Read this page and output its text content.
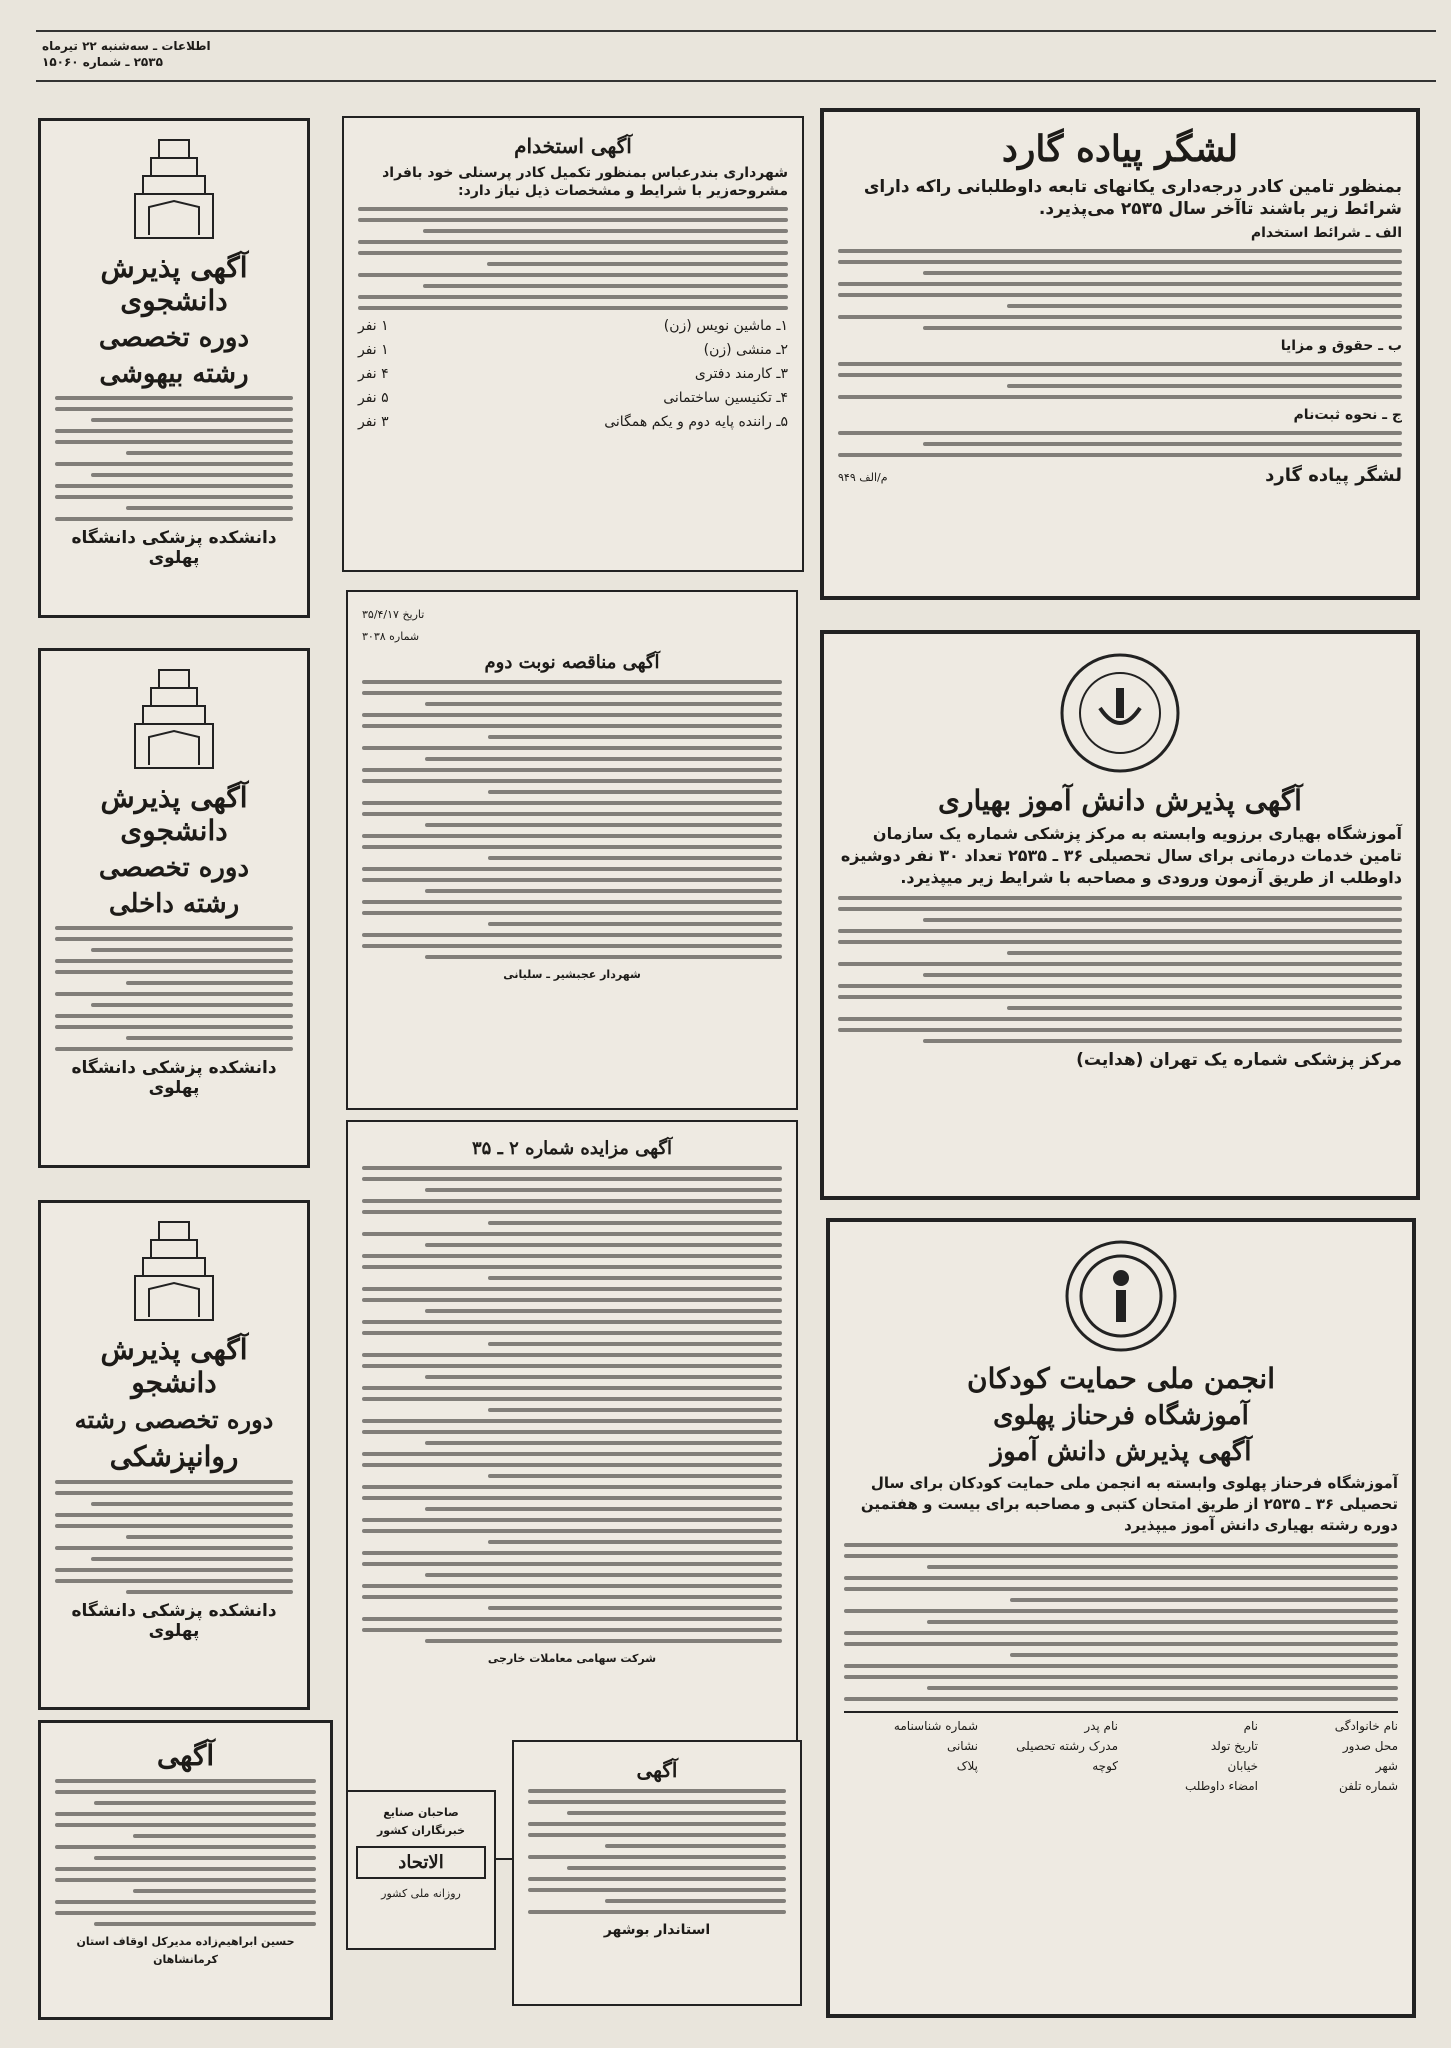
اطلاعات ـ سه‌شنبه ۲۲ تیرماه
۲۵۳۵ ـ شماره ۱۵۰۶۰
آگهی پذیرش دانشجوی
دوره تخصصی
رشته بیهوشی
دانشکده پزشکی دانشگاه پهلوی
آگهی پذیرش دانشجوی
دوره تخصصی
رشته داخلی
دانشکده پزشکی دانشگاه پهلوی
آگهی پذیرش دانشجو
دوره تخصصی رشته
روانپزشکی
دانشکده پزشکی دانشگاه پهلوی
آگهی
حسین ابراهیم‌زاده مدیرکل اوقاف استان کرمانشاهان
آگهی استخدام
شهرداری بندرعباس بمنظور تکمیل کادر پرسنلی خود بافراد مشروحه‌زیر با شرایط و مشخصات ذیل نیاز دارد:
۱ـ ماشین نویس (زن)
۱ نفر
۲ـ منشی (زن)
۱ نفر
۳ـ کارمند دفتری
۴ نفر
۴ـ تکنیسین ساختمانی
۵ نفر
۵ـ راننده پایه دوم و یکم همگانی
۳ نفر
تاریخ ۳۵/۴/۱۷
شماره ۳۰۳۸
آگهی مناقصه نوبت دوم
شهردار عجبشیر ـ سلیانی
آگهی مزایده شماره ۲ ـ ۳۵
شرکت سهامی معاملات خارجی
صاحبان صنایع خبرنگاران کشور
الاتحاد
روزانه ملی کشور
آگهی
استاندار بوشهر
لشگر پیاده گارد
بمنظور تامین کادر درجه‌داری یکانهای تابعه داوطلبانی راکه دارای شرائط زیر باشند تاآخر سال ۲۵۳۵ می‌پذیرد.
الف ـ شرائط استخدام
ب ـ حقوق و مزایا
ج ـ نحوه ثبت‌نام
لشگر پیاده گارد
م/الف ۹۴۹
آگهی پذیرش دانش آموز بهیاری
آموزشگاه بهیاری برزویه وابسته به مرکز پزشکی شماره یک سازمان تامین خدمات درمانی برای سال تحصیلی ۳۶ ـ ۲۵۳۵ تعداد ۳۰ نفر دوشیزه داوطلب از طریق آزمون ورودی و مصاحبه با شرایط زیر میپذیرد.
مرکز پزشکی شماره یک تهران (هدایت)
انجمن ملی حمایت کودکان
آموزشگاه فرحناز پهلوی
آگهی پذیرش دانش آموز
آموزشگاه فرحناز پهلوی وابسته به انجمن ملی حمایت کودکان برای سال تحصیلی ۳۶ ـ ۲۵۳۵ از طریق امتحان کتبی و مصاحبه برای بیست و هفتمین دوره رشته بهیاری دانش آموز میپذیرد
نام خانوادگی
نام
نام پدر
شماره شناسنامه
محل صدور
تاریخ تولد
مدرک رشته تحصیلی
نشانی
شهر
خیابان
کوچه
پلاک
شماره تلفن
امضاء داوطلب
